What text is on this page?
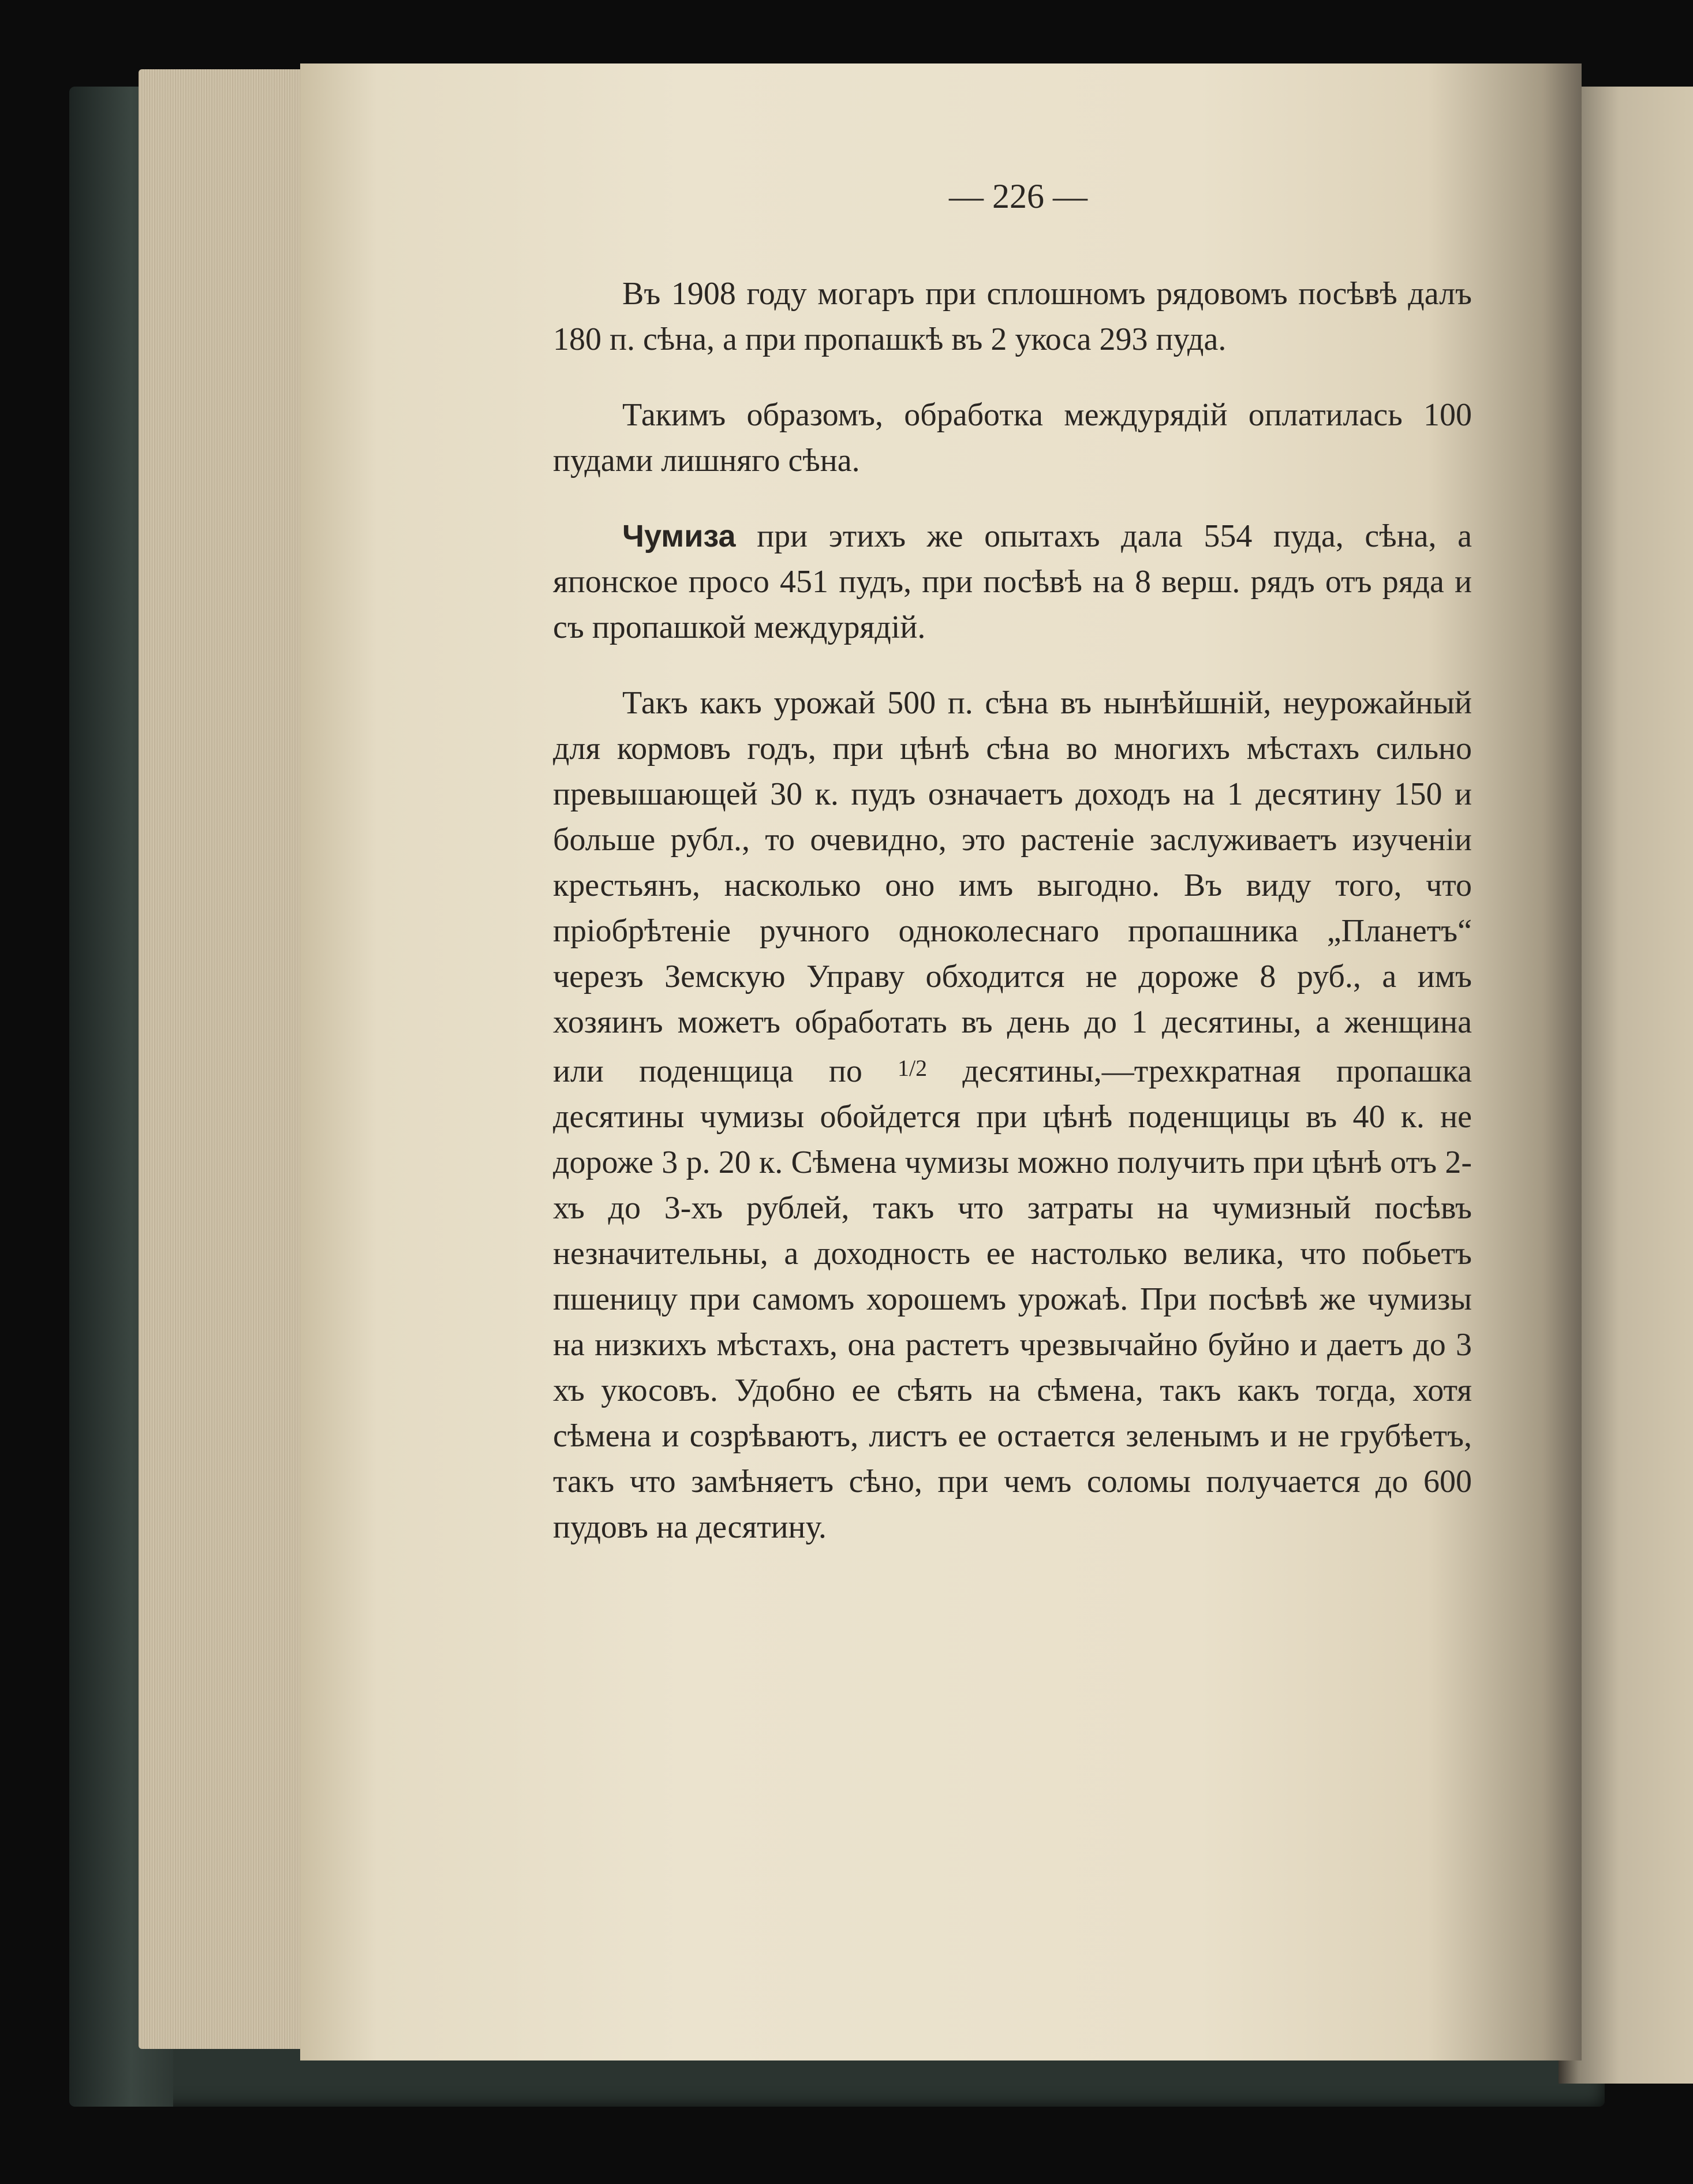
— 226 —

Въ 1908 году могаръ при сплошномъ рядовомъ посѣвѣ далъ 180 п. сѣна, а при пропашкѣ въ 2 укоса 293 пуда.

Такимъ образомъ, обработка междурядій оплатилась 100 пудами лишняго сѣна.

Чумиза при этихъ же опытахъ дала 554 пуда, сѣна, а японское просо 451 пудъ, при посѣвѣ на 8 верш. рядъ отъ ряда и съ пропашкой междурядій.

Такъ какъ урожай 500 п. сѣна въ нынѣйшній, неурожайный для кормовъ годъ, при цѣнѣ сѣна во многихъ мѣстахъ сильно превышающей 30 к. пудъ означаетъ доходъ на 1 десятину 150 и больше рубл., то очевидно, это растеніе заслуживаетъ изученіи крестьянъ, насколько оно имъ выгодно. Въ виду того, что пріобрѣтеніе ручного одноколеснаго пропашника „Планетъ“ черезъ Земскую Управу обходится не дороже 8 руб., а имъ хозяинъ можетъ обработать въ день до 1 десятины, а женщина или поденщица по 1/2 десятины,—трехкратная пропашка десятины чумизы обойдется при цѣнѣ поденщицы въ 40 к. не дороже 3 р. 20 к. Сѣмена чумизы можно получить при цѣнѣ отъ 2-хъ до 3-хъ рублей, такъ что затраты на чумизный посѣвъ незначительны, а доходность ее настолько велика, что побьетъ пшеницу при самомъ хорошемъ урожаѣ. При посѣвѣ же чумизы на низкихъ мѣстахъ, она растетъ чрезвычайно буйно и даетъ до 3 хъ укосовъ. Удобно ее сѣять на сѣмена, такъ какъ тогда, хотя сѣмена и созрѣваютъ, листъ ее остается зеленымъ и не грубѣетъ, такъ что замѣняетъ сѣно, при чемъ соломы получается до 600 пудовъ на десятину.
